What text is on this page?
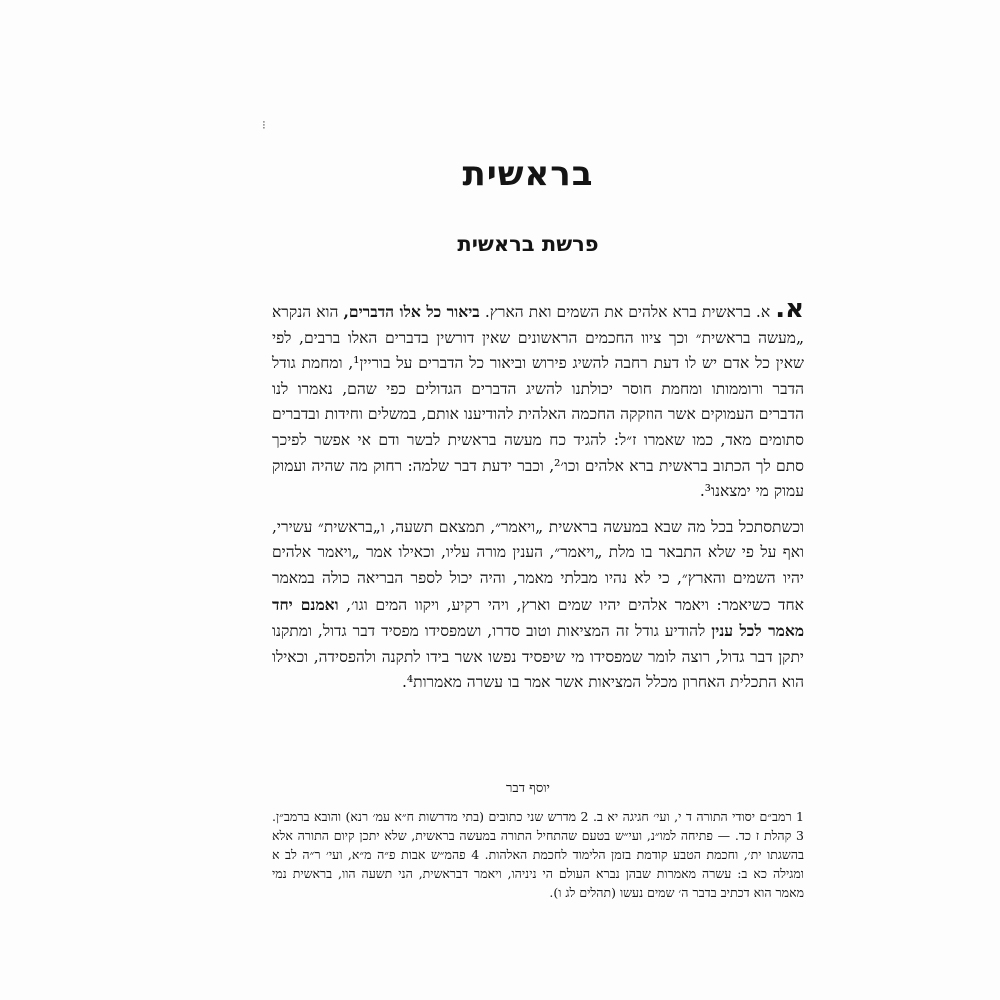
⁝
בראשית
פרשת בראשית

א. א. בראשית ברא אלהים את השמים ואת הארץ. ביאור כל אלו הדברים, הוא הנקרא „מעשה בראשית״ וכך ציוו החכמים הראשונים שאין דורשין בדברים האלו ברבים, לפי שאין כל אדם יש לו דעת רחבה להשיג פירוש וביאור כל הדברים על בוריין¹, ומחמת גודל הדבר ורוממותו ומחמת חוסר יכולתנו להשיג הדברים הגדולים כפי שהם, נאמרו לנו הדברים העמוקים אשר הוזקקה החכמה האלהית להודיענו אותם, במשלים וחידות ובדברים סתומים מאד, כמו שאמרו ז״ל: להגיד כח מעשה בראשית לבשר ודם אי אפשר לפיכך סתם לך הכתוב בראשית ברא אלהים וכו׳², וכבר ידעת דבר שלמה: רחוק מה שהיה ועמוק עמוק מי ימצאנו³.

וכשתסתכל בכל מה שבא במעשה בראשית „ויאמר״, תמצאם תשעה, ו„בראשית״ עשירי, ואף על פי שלא התבאר בו מלת „ויאמר״, הענין מורה עליו, וכאילו אמר „ויאמר אלהים יהיו השמים והארץ״, כי לא נהיו מבלתי מאמר, והיה יכול לספר הבריאה כולה במאמר אחד כשיאמר: ויאמר אלהים יהיו שמים וארץ, ויהי רקיע, ויקוו המים וגו׳, ואמנם יחד מאמר לכל ענין להודיע גודל זה המציאות וטוב סדרו, ושמפסידו מפסיד דבר גדול, ומתקנו יתקן דבר גדול, רוצה לומר שמפסידו מי שיפסיד נפשו אשר בידו לתקנה ולהפסידה, וכאילו הוא התכלית האחרון מכלל המציאות אשר אמר בו עשרה מאמרות⁴.

יוסף דבר
1 רמב״ם יסודי התורה ד י, ועי׳ חגיגה יא ב. 2 מדרש שני כתובים (בתי מדרשות ח״א עמ׳ רנא) והובא ברמב״ן. 3 קהלת ז כד. — פתיחה למו״נ, ועי״ש בטעם שהתחיל התורה במעשה בראשית, שלא יתכן קיום התורה אלא בהשגתו ית׳, וחכמת הטבע קודמת בזמן הלימוד לחכמת האלהות. 4 פהמ״ש אבות פ״ה מ״א, ועי׳ ר״ה לב א ומגילה כא ב: עשרה מאמרות שבהן נברא העולם הי ניניהו, ויאמר דבראשית, הני תשעה הוו, בראשית נמי מאמר הוא דכתיב בדבר ה׳ שמים נעשו (תהלים לג ו).
